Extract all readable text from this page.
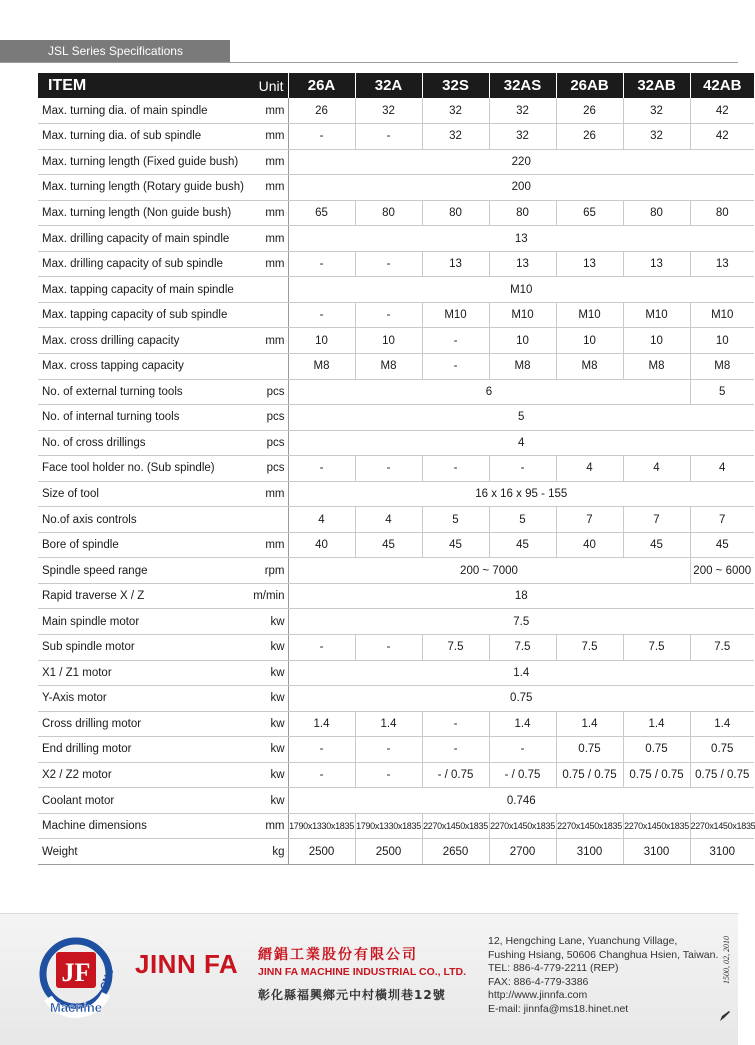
JSL Series Specifications
ITEM	Unit	26A	32A	32S	32AS	26AB	32AB	42AB
Max. turning dia. of main spindle	mm	26	32	32	32	26	32	42
Max. turning dia. of sub spindle	mm	-	-	32	32	26	32	42
Max. turning length (Fixed guide bush)	mm	220						
Max. turning length (Rotary guide bush)	mm	200						
Max. turning length (Non guide bush)	mm	65	80	80	80	65	80	80
Max. drilling capacity of main spindle	mm	13						
Max. drilling capacity of sub spindle	mm	-	-	13	13	13	13	13
Max. tapping capacity of main spindle		M10						
Max. tapping capacity of sub spindle		-	-	M10	M10	M10	M10	M10
Max. cross drilling capacity	mm	10	10	-	10	10	10	10
Max. cross tapping capacity		M8	M8	-	M8	M8	M8	M8
No. of external turning tools	pcs	6						5
No. of internal turning tools	pcs	5						
No. of cross drillings	pcs	4						
Face tool holder no. (Sub spindle)	pcs	-	-	-	-	4	4	4
Size of tool	mm	16 x 16 x 95 - 155						
No.of axis controls		4	4	5	5	7	7	7
Bore of spindle	mm	40	45	45	45	40	45	45
Spindle speed range	rpm	200 ~ 7000						200 ~ 6000
Rapid traverse X / Z	m/min	18						
Main spindle motor	kw	7.5						
Sub spindle motor	kw	-	-	7.5	7.5	7.5	7.5	7.5
X1 / Z1 motor	kw	1.4						
Y-Axis motor	kw	0.75						
Cross drilling motor	kw	1.4	1.4	-	1.4	1.4	1.4	1.4
End drilling motor	kw	-	-	-	-	0.75	0.75	0.75
X2 / Z2 motor	kw	-	-	- / 0.75	- / 0.75	0.75 / 0.75	0.75 / 0.75	0.75 / 0.75
Coolant motor	kw	0.746						
Machine dimensions	mm	1790x1330x1835	1790x1330x1835	2270x1450x1835	2270x1450x1835	2270x1450x1835	2270x1450x1835	2270x1450x1835
Weight	kg	2500	2500	2650	2700	3100	3100	3100
JF CNC
Machine
JINN FA 縉錩工業股份有限公司
JINN FA MACHINE INDUSTRIAL CO., LTD.
彰化縣福興鄉元中村橫圳巷12號
12, Hengching Lane, Yuanchung Village,
Fushing Hsiang, 50606 Changhua Hsien, Taiwan.
TEL: 886-4-779-2211 (REP)
FAX: 886-4-779-3386
http://www.jinnfa.com
E-mail: jinnfa@ms18.hinet.net
1500, 02, 2010
